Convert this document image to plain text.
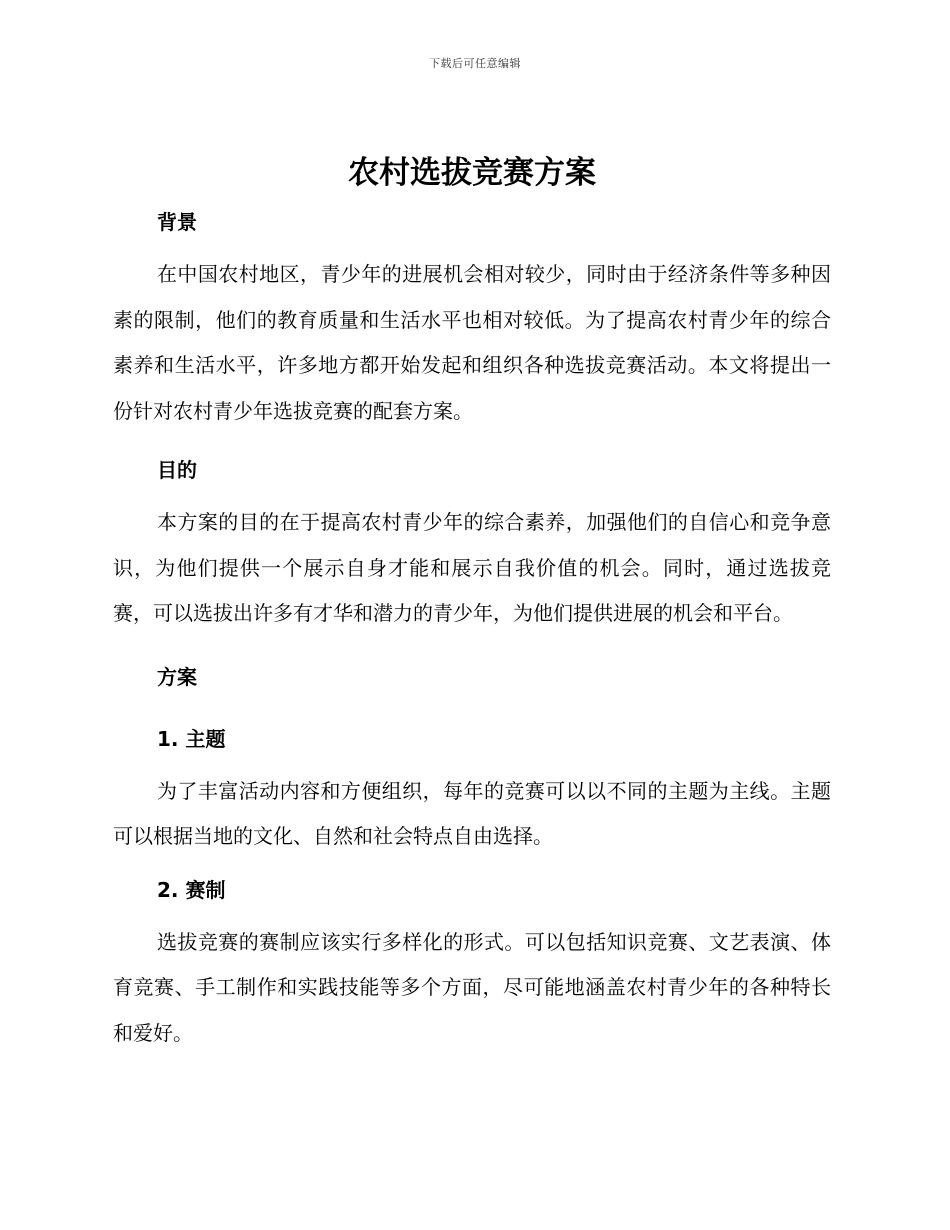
下载后可任意编辑
农村选拔竞赛方案
背景

在中国农村地区，青少年的进展机会相对较少，同时由于经济条件等多种因素的限制，他们的教育质量和生活水平也相对较低。为了提高农村青少年的综合素养和生活水平，许多地方都开始发起和组织各种选拔竞赛活动。本文将提出一份针对农村青少年选拔竞赛的配套方案。

目的

本方案的目的在于提高农村青少年的综合素养，加强他们的自信心和竞争意识，为他们提供一个展示自身才能和展示自我价值的机会。同时，通过选拔竞赛，可以选拔出许多有才华和潜力的青少年，为他们提供进展的机会和平台。

方案
1. 主题

为了丰富活动内容和方便组织，每年的竞赛可以以不同的主题为主线。主题可以根据当地的文化、自然和社会特点自由选择。

2. 赛制

选拔竞赛的赛制应该实行多样化的形式。可以包括知识竞赛、文艺表演、体育竞赛、手工制作和实践技能等多个方面，尽可能地涵盖农村青少年的各种特长和爱好。
